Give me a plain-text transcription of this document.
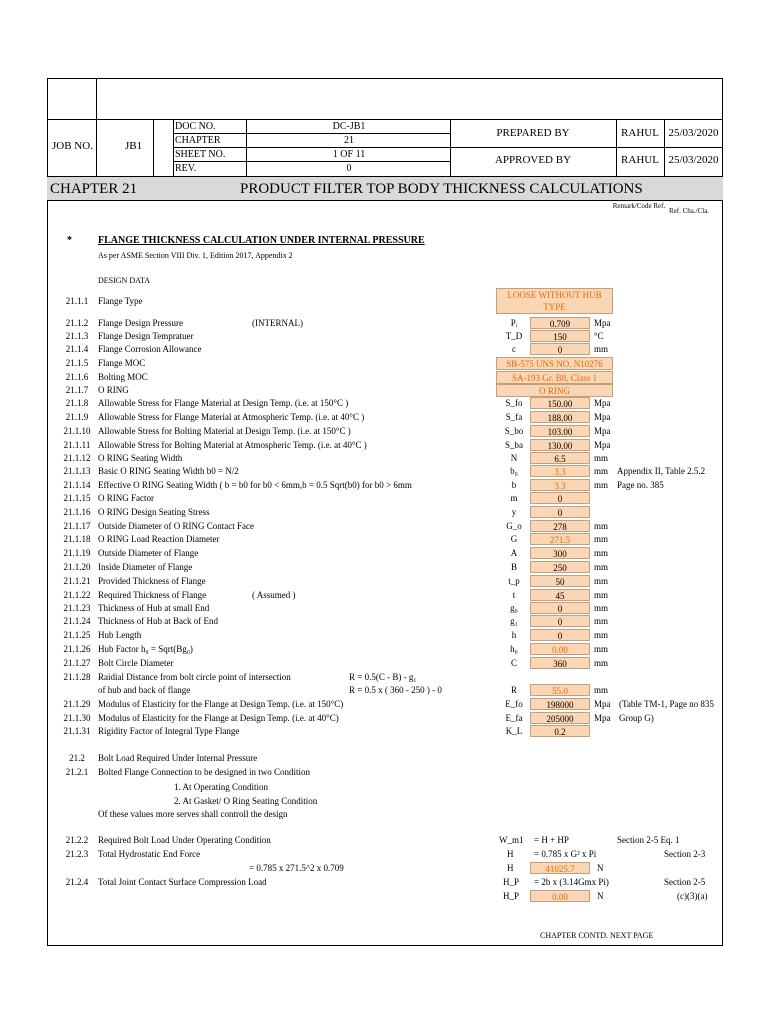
JOB NO.	JB1
DOC NO.	DC-JB1
CHAPTER	21
SHEET NO.	1 OF 11
REV.	0
PREPARED BY	RAHUL 25/03/2020
APPROVED BY	RAHUL 25/03/2020
CHAPTER 21	PRODUCT FILTER TOP BODY THICKNESS CALCULATIONS
Remark/Code Ref.
Ref. Cha./Cla.
*	FLANGE THICKNESS CALCULATION UNDER INTERNAL PRESSURE
As per ASME Section VIII Div. 1, Edition 2017, Appendix 2
DESIGN DATA
21.1.1	Flange Type
LOOSE WITHOUT HUB TYPE
21.1.2	Flange Design Pressure	(INTERNAL)	Pᵢ	0.709	Mpa
21.1.3	Flange Design Tempratuer	T_D	150	°C
21.1.4	Flange Corrosion Allowance	c	0	mm
21.1.8	Allowable Stress for Flange Material at Design Temp. (i.e. at 150°C )	S_fo	150.00	Mpa
21.1.9	Allowable Stress for Flange Material at Atmospheric Temp. (i.e. at 40°C )	S_fa	188.00	Mpa
21.1.10 Allowable Stress for Bolting Material at Design Temp. (i.e. at 150°C )	S_bo	103.00	Mpa
21.1.11 Allowable Stress for Bolting Material at Atmospheric Temp. (i.e. at 40°C )	S_ba	130.00	Mpa
21.1.12 O RING Seating Width	N	6.5	mm
21.1.13 Basic O RING Seating Width b0 = N/2	b₀	3.3	mm Appendix II, Table 2.5.2
21.1.14 Effective O RING Seating Width ( b = b0 for b0 < 6mm,b = 0.5 Sqrt(b0) for b0 > 6mm	b	3.3	mm Page no. 385
21.1.15 O RING Factor	m	0
21.1.16 O RING Design Seating Stress	y	0
21.1.17 Outside Diameter of O RING Contact Face	G_o	278	mm
21.1.18 O RING Load Reaction Diameter	G	271.5	mm
21.1.19 Outside Diameter of Flange	A	300	mm
21.1.20 Inside Diameter of Flange	B	250	mm
21.1.21 Provided Thickness of Flange	t_p	50	mm
21.1.22 Required Thickness of Flange	( Assumed )	t	45	mm
21.1.23 Thickness of Hub at small End	g₀	0	mm
21.1.24 Thickness of Hub at Back of End	g₁	0	mm
21.1.25 Hub Length	h	0	mm
21.1.26 Hub Factor h₀ = Sqrt(Bg₀)	h₀	0.00	mm
21.1.27 Bolt Circle Diameter	C	360	mm
21.1.5	Flange MOC	SB-575 UNS NO. N10276
21.1.6	Bolting MOC	SA-193 Gr. B8, Class 1
21.1.7	O RING	O RING
21.1.28 Raidial Distance from bolt circle point of intersection	R = 0.5(C - B) - g₁
of hub and back of flange	R = 0.5 x ( 360 - 250 ) - 0	R	55.0	mm
21.1.29 Modulus of Elasticity for the Flange at Design Temp. (i.e. at 150°C)	E_fo	198000	Mpa (Table TM-1, Page no 835
21.1.30 Modulus of Elasticity for the Flange at Design Temp. (i.e. at 40°C)	E_fa	205000	Mpa Group G)
21.1.31 Rigidity Factor of Integral Type Flange	K_L	0.2
21.2	Bolt Load Required Under Internal Pressure
21.2.1	Bolted Flange Connection to be designed in two Condition
1. At Operating Condition
2. At Gasket/ O Ring Seating Condition
Of these values more serves shall controll the design
21.2.2	Required Bolt Load Under Operating Condition	W_m1 = H + HP	Section 2-5 Eq. 1
21.2.3	Total Hydrostatic End Force	H = 0.785 x G² x Pi	Section 2-3
= 0.785 x 271.5^2 x 0.709	H	41025.7	N
21.2.4	Total Joint Contact Surface Compression Load	H_P = 2b x (3.14Gmx Pi)	Section 2-5
H_P	0.00	N	(c)(3)(a)
CHAPTER CONTD. NEXT PAGE
